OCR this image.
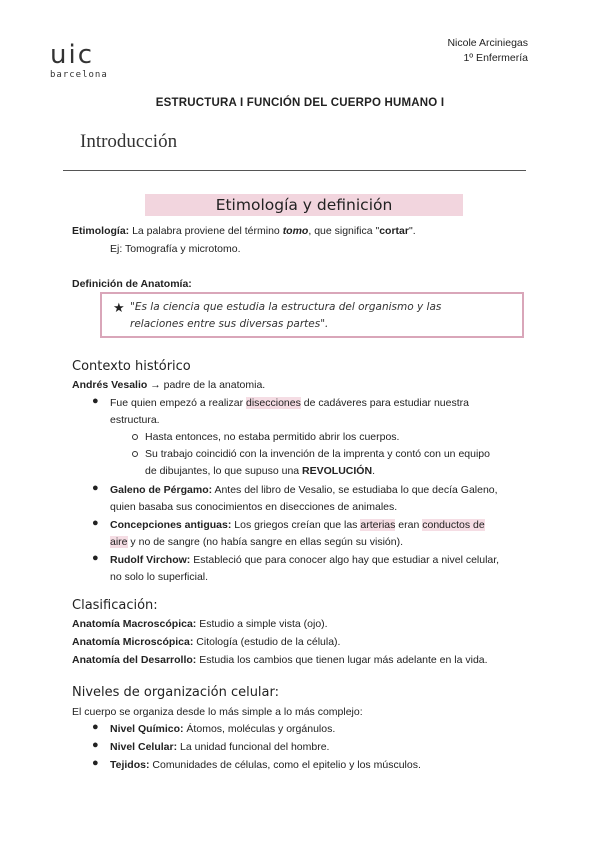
uic
barcelona
Nicole Arciniegas
1º Enfermería
ESTRUCTURA I FUNCIÓN DEL CUERPO HUMANO I
Introducción
Etimología y definición
Etimología: La palabra proviene del término tomo, que significa "cortar".
Ej: Tomografía y microtomo.
Definición de Anatomía:
★ "Es la ciencia que estudia la estructura del organismo y las
relaciones entre sus diversas partes".
Contexto histórico
Andrés Vesalio → padre de la anatomia.
● Fue quien empezó a realizar disecciones de cadáveres para estudiar nuestra
estructura.
Hasta entonces, no estaba permitido abrir los cuerpos.
Su trabajo coincidió con la invención de la imprenta y contó con un equipo
de dibujantes, lo que supuso una REVOLUCIÓN.
● Galeno de Pérgamo: Antes del libro de Vesalio, se estudiaba lo que decía Galeno,
quien basaba sus conocimientos en disecciones de animales.
● Concepciones antiguas: Los griegos creían que las arterias eran conductos de
aire y no de sangre (no había sangre en ellas según su visión).
● Rudolf Virchow: Estableció que para conocer algo hay que estudiar a nivel celular,
no solo lo superficial.
Clasificación:
Anatomía Macroscópica: Estudio a simple vista (ojo).
Anatomía Microscópica: Citología (estudio de la célula).
Anatomía del Desarrollo: Estudia los cambios que tienen lugar más adelante en la vida.
Niveles de organización celular:
El cuerpo se organiza desde lo más simple a lo más complejo:
● Nivel Químico: Átomos, moléculas y orgánulos.
● Nivel Celular: La unidad funcional del hombre.
● Tejidos: Comunidades de células, como el epitelio y los músculos.
